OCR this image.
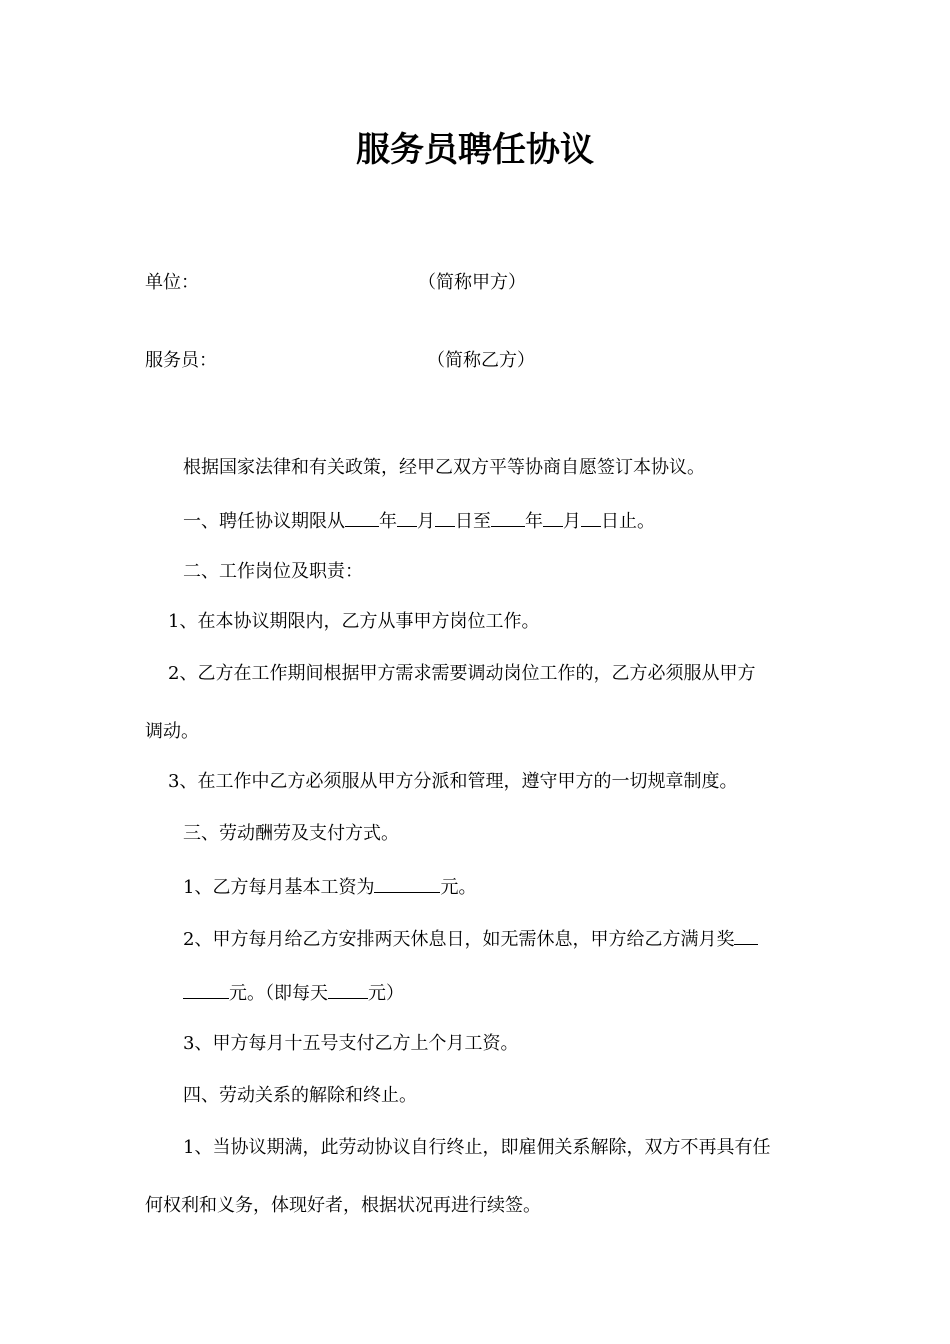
服务员聘任协议
单位：	（简称甲方）
服务员：	（简称乙方）
根据国家法律和有关政策，经甲乙双方平等协商自愿签订本协议。
一、聘任协议期限从 年 月 日至 年 月 日止。
二、工作岗位及职责：
1、在本协议期限内，乙方从事甲方岗位工作。
2、乙方在工作期间根据甲方需求需要调动岗位工作的，乙方必须服从甲方
调动。
3、在工作中乙方必须服从甲方分派和管理，遵守甲方的一切规章制度。
三、劳动酬劳及支付方式。
1、乙方每月基本工资为	元。
2、甲方每月给乙方安排两天休息日，如无需休息，甲方给乙方满月奖
元。（即每天 元）
3、甲方每月十五号支付乙方上个月工资。
四、劳动关系的解除和终止。
1、当协议期满，此劳动协议自行终止，即雇佣关系解除，双方不再具有任
何权利和义务，体现好者，根据状况再进行续签。
